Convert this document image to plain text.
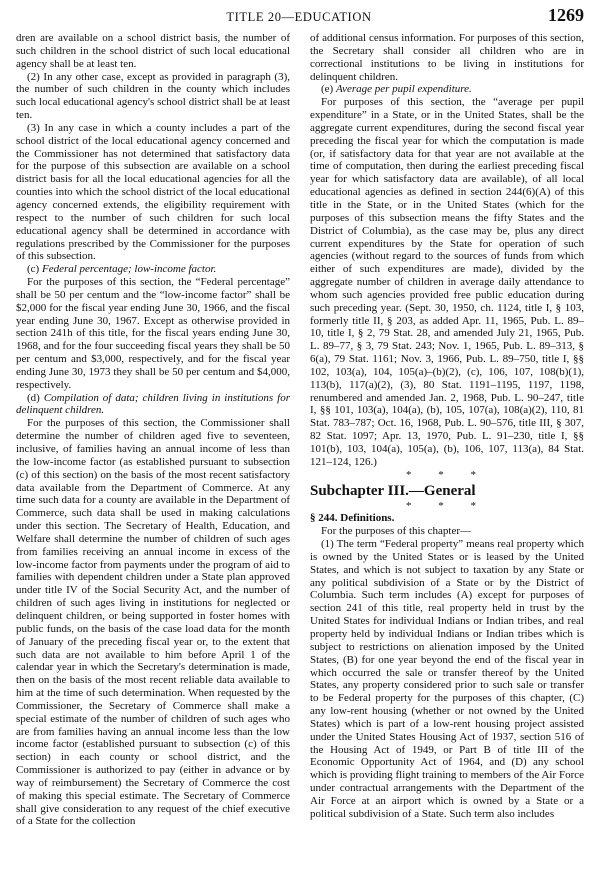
TITLE 20—EDUCATION	1269

dren are available on a school district basis, the number of such children in the school district of such local educational agency shall be at least ten.

(2) In any other case, except as provided in paragraph (3), the number of such children in the county which includes such local educational agency's school district shall be at least ten.

(3) In any case in which a county includes a part of the school district of the local educational agency concerned and the Commissioner has not determined that satisfactory data for the purpose of this subsection are available on a school district basis for all the local educational agencies for all the counties into which the school district of the local educational agency concerned extends, the eligibility requirement with respect to the number of such children for such local educational agency shall be determined in accordance with regulations prescribed by the Commissioner for the purposes of this subsection.

(c) Federal percentage; low-income factor.

For the purposes of this section, the “Federal percentage” shall be 50 per centum and the “low-income factor” shall be $2,000 for the fiscal year ending June 30, 1966, and the fiscal year ending June 30, 1967. Except as otherwise provided in section 241h of this title, for the fiscal years ending June 30, 1968, and for the four succeeding fiscal years they shall be 50 per centum and $3,000, respectively, and for the fiscal year ending June 30, 1973 they shall be 50 per centum and $4,000, respectively.

(d) Compilation of data; children living in institutions for delinquent children.

For the purposes of this section, the Commissioner shall determine the number of children aged five to seventeen, inclusive, of families having an annual income of less than the low-income factor (as established pursuant to subsection (c) of this section) on the basis of the most recent satisfactory data available from the Department of Commerce. At any time such data for a county are available in the Department of Commerce, such data shall be used in making calculations under this section. The Secretary of Health, Education, and Welfare shall determine the number of children of such ages from families receiving an annual income in excess of the low-income factor from payments under the program of aid to families with dependent children under a State plan approved under title IV of the Social Security Act, and the number of children of such ages living in institutions for neglected or delinquent children, or being supported in foster homes with public funds, on the basis of the case load data for the month of January of the preceding fiscal year or, to the extent that such data are not available to him before April 1 of the calendar year in which the Secretary's determination is made, then on the basis of the most recent reliable data available to him at the time of such determination. When requested by the Commissioner, the Secretary of Commerce shall make a special estimate of the number of children of such ages who are from families having an annual income less than the low income factor (established pursuant to subsection (c) of this section) in each county or school district, and the Commissioner is authorized to pay (either in advance or by way of reimbursement) the Secretary of Commerce the cost of making this special estimate. The Secretary of Commerce shall give consideration to any request of the chief executive of a State for the collection

of additional census information. For purposes of this section, the Secretary shall consider all children who are in correctional institutions to be living in institutions for delinquent children.

(e) Average per pupil expenditure.

For purposes of this section, the “average per pupil expenditure” in a State, or in the United States, shall be the aggregate current expenditures, during the second fiscal year preceding the fiscal year for which the computation is made (or, if satisfactory data for that year are not available at the time of computation, then during the earliest preceding fiscal year for which satisfactory data are available), of all local educational agencies as defined in section 244(6)(A) of this title in the State, or in the United States (which for the purposes of this subsection means the fifty States and the District of Columbia), as the case may be, plus any direct current expenditures by the State for operation of such agencies (without regard to the sources of funds from which either of such expenditures are made), divided by the aggregate number of children in average daily attendance to whom such agencies provided free public education during such preceding year. (Sept. 30, 1950, ch. 1124, title I, § 103, formerly title II, § 203, as added Apr. 11, 1965, Pub. L. 89–10, title I, § 2, 79 Stat. 28, and amended July 21, 1965, Pub. L. 89–77, § 3, 79 Stat. 243; Nov. 1, 1965, Pub. L. 89–313, § 6(a), 79 Stat. 1161; Nov. 3, 1966, Pub. L. 89–750, title I, §§ 102, 103(a), 104, 105(a)–(b)(2), (c), 106, 107, 108(b)(1), 113(b), 117(a)(2), (3), 80 Stat. 1191–1195, 1197, 1198, renumbered and amended Jan. 2, 1968, Pub. L. 90–247, title I, §§ 101, 103(a), 104(a), (b), 105, 107(a), 108(a)(2), 110, 81 Stat. 783–787; Oct. 16, 1968, Pub. L. 90–576, title III, § 307, 82 Stat. 1097; Apr. 13, 1970, Pub. L. 91–230, title I, §§ 101(b), 103, 104(a), 105(a), (b), 106, 107, 113(a), 84 Stat. 121–124, 126.)

* * *

Subchapter III.—General

* * *

§ 244. Definitions.

For the purposes of this chapter—

(1) The term “Federal property” means real property which is owned by the United States or is leased by the United States, and which is not subject to taxation by any State or any political subdivision of a State or by the District of Columbia. Such term includes (A) except for purposes of section 241 of this title, real property held in trust by the United States for individual Indians or Indian tribes, and real property held by individual Indians or Indian tribes which is subject to restrictions on alienation imposed by the United States, (B) for one year beyond the end of the fiscal year in which occurred the sale or transfer thereof by the United States, any property considered prior to such sale or transfer to be Federal property for the purposes of this chapter, (C) any low-rent housing (whether or not owned by the United States) which is part of a low-rent housing project assisted under the United States Housing Act of 1937, section 516 of the Housing Act of 1949, or Part B of title III of the Economic Opportunity Act of 1964, and (D) any school which is providing flight training to members of the Air Force under contractual arrangements with the Department of the Air Force at an airport which is owned by a State or a political subdivision of a State. Such term also includes
